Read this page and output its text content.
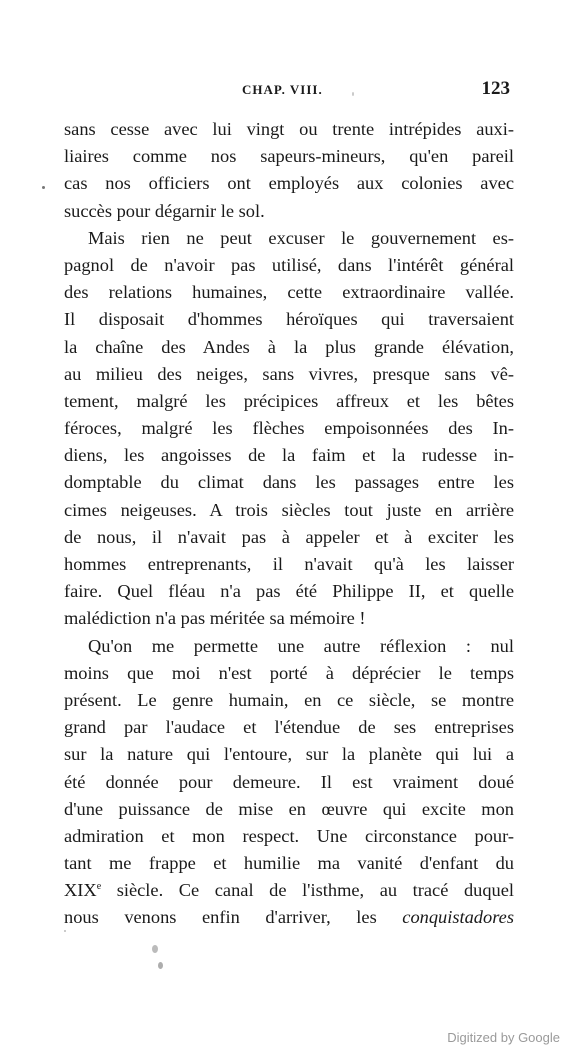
CHAP. VIII.	123
sans cesse avec lui vingt ou trente intrépides auxi-
liaires comme nos sapeurs-mineurs, qu'en pareil
cas nos officiers ont employés aux colonies avec
succès pour dégarnir le sol.
Mais rien ne peut excuser le gouvernement es-
pagnol de n'avoir pas utilisé, dans l'intérêt général
des relations humaines, cette extraordinaire vallée.
Il disposait d'hommes héroïques qui traversaient
la chaîne des Andes à la plus grande élévation,
au milieu des neiges, sans vivres, presque sans vê-
tement, malgré les précipices affreux et les bêtes
féroces, malgré les flèches empoisonnées des In-
diens, les angoisses de la faim et la rudesse in-
domptable du climat dans les passages entre les
cimes neigeuses. A trois siècles tout juste en arrière
de nous, il n'avait pas à appeler et à exciter les
hommes entreprenants, il n'avait qu'à les laisser
faire. Quel fléau n'a pas été Philippe II, et quelle
malédiction n'a pas méritée sa mémoire !
Qu'on me permette une autre réflexion : nul
moins que moi n'est porté à déprécier le temps
présent. Le genre humain, en ce siècle, se montre
grand par l'audace et l'étendue de ses entreprises
sur la nature qui l'entoure, sur la planète qui lui a
été donnée pour demeure. Il est vraiment doué
d'une puissance de mise en œuvre qui excite mon
admiration et mon respect. Une circonstance pour-
tant me frappe et humilie ma vanité d'enfant du
XIXe siècle. Ce canal de l'isthme, au tracé duquel
nous venons enfin d'arriver, les conquistadores
Digitized by Google
